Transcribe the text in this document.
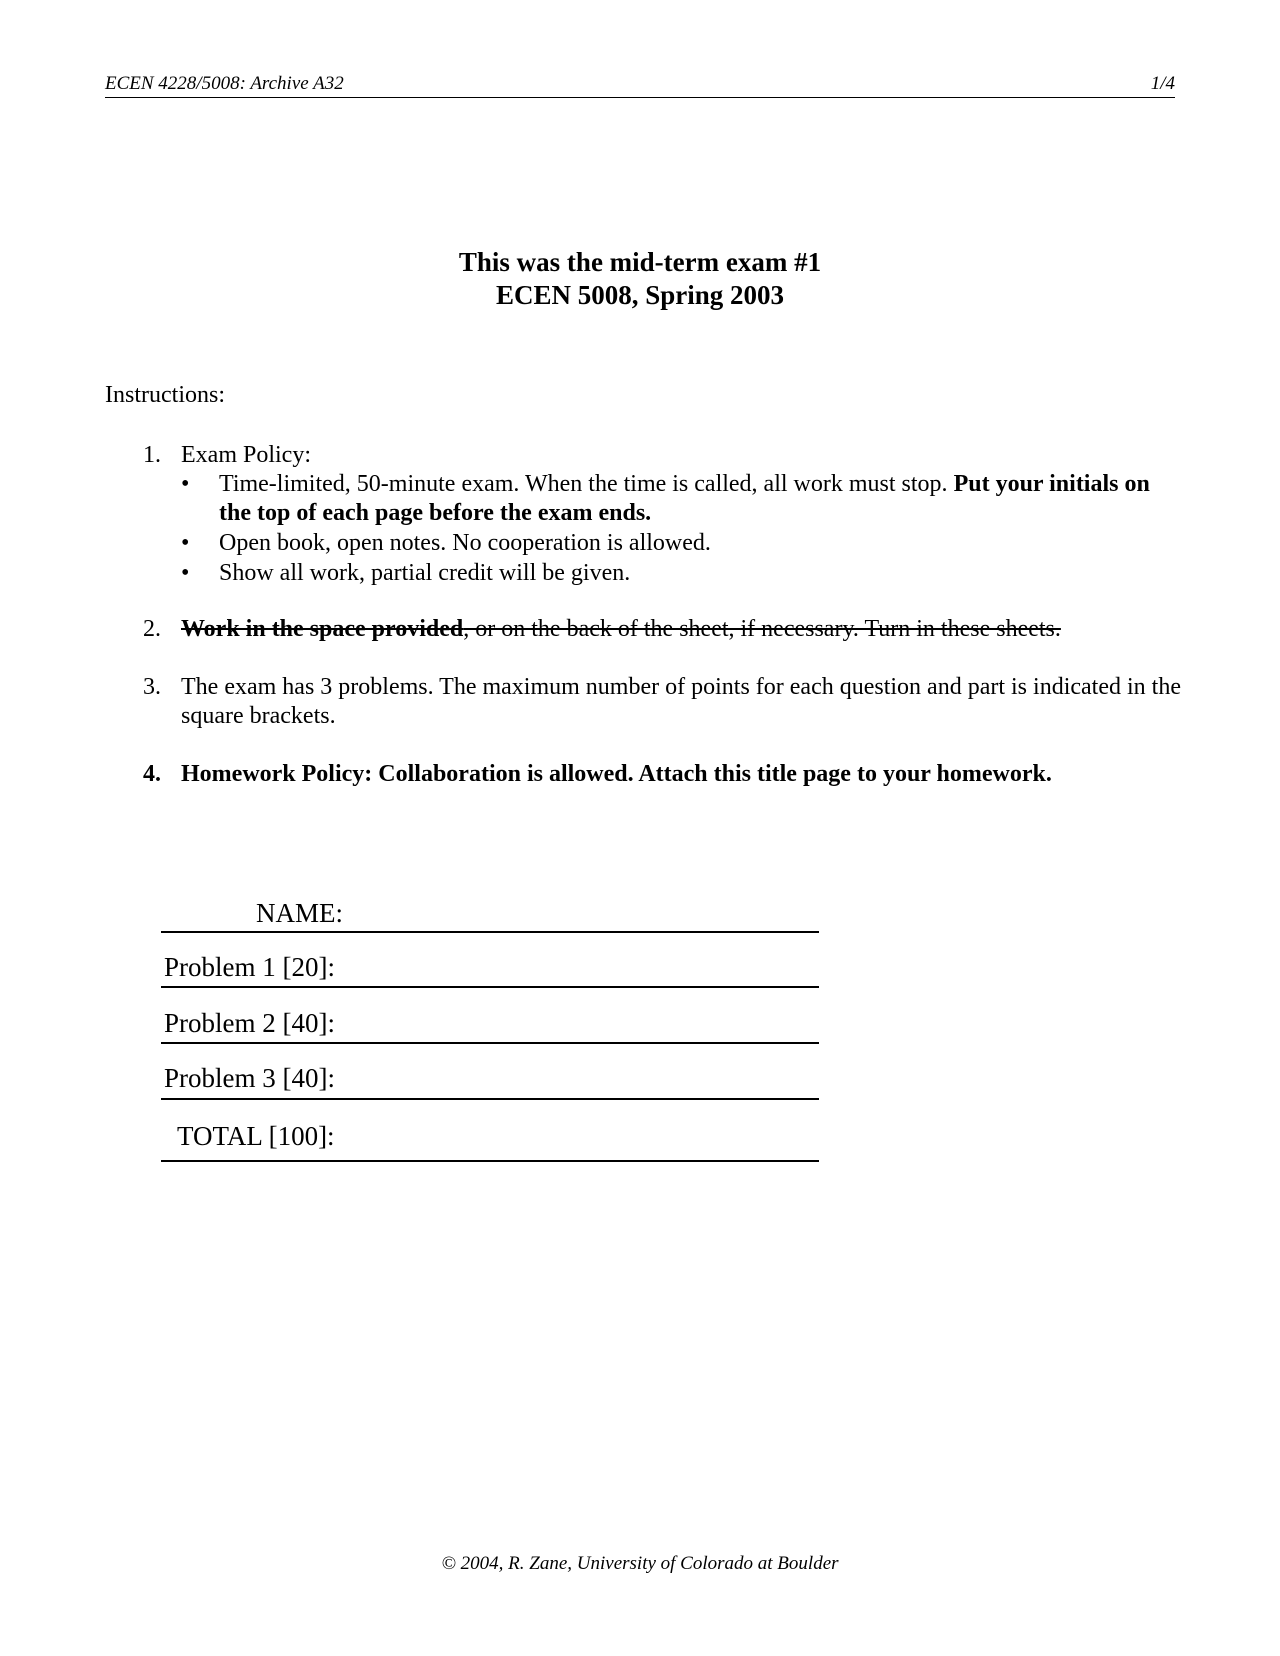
ECEN 4228/5008: Archive A32	1/4
This was the mid-term exam #1
ECEN 5008, Spring 2003
Instructions:
1. Exam Policy:
•	Time-limited, 50-minute exam. When the time is called, all work must stop. Put your initials on the top of each page before the exam ends.
•	Open book, open notes. No cooperation is allowed.
•	Show all work, partial credit will be given.
2. Work in the space provided, or on the back of the sheet, if necessary. Turn in these sheets.
3. The exam has 3 problems. The maximum number of points for each question and part is indicated in the square brackets.
4. Homework Policy: Collaboration is allowed. Attach this title page to your homework.
NAME:
Problem 1 [20]:
Problem 2 [40]:
Problem 3 [40]:
TOTAL [100]:
© 2004, R. Zane, University of Colorado at Boulder
